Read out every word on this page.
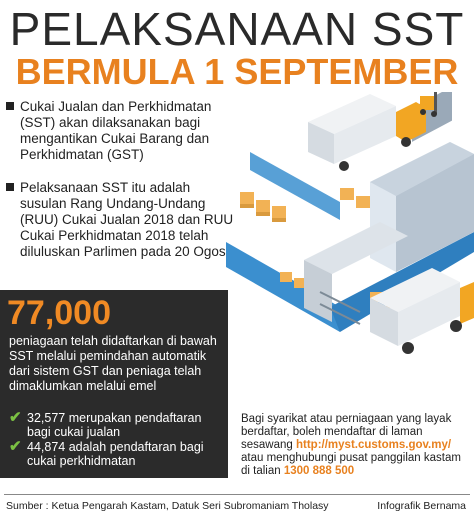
PELAKSANAAN SST
BERMULA 1 SEPTEMBER
Cukai Jualan dan Perkhidmatan (SST) akan dilaksanakan bagi mengantikan Cukai Barang dan Perkhidmatan (GST)
Pelaksanaan SST itu adalah susulan Rang Undang-Undang (RUU) Cukai Jualan 2018 dan RUU Cukai Perkhidmatan 2018 telah diluluskan Parlimen pada 20 Ogos
77,000
peniagaan telah didaftarkan di bawah SST melalui pemindahan automatik dari sistem GST dan peniaga telah dimaklumkan melalui emel
✔ 32,577 merupakan pendaftaran bagi cukai jualan
✔ 44,874 adalah pendaftaran bagi cukai perkhidmatan
Bagi syarikat atau perniagaan yang layak berdaftar, boleh mendaftar di laman sesawang http://myst.customs.gov.my/ atau menghubungi pusat panggilan kastam di talian 1300 888 500
Sumber : Ketua Pengarah Kastam, Datuk Seri Subromaniam Tholasy	Infografik Bernama
